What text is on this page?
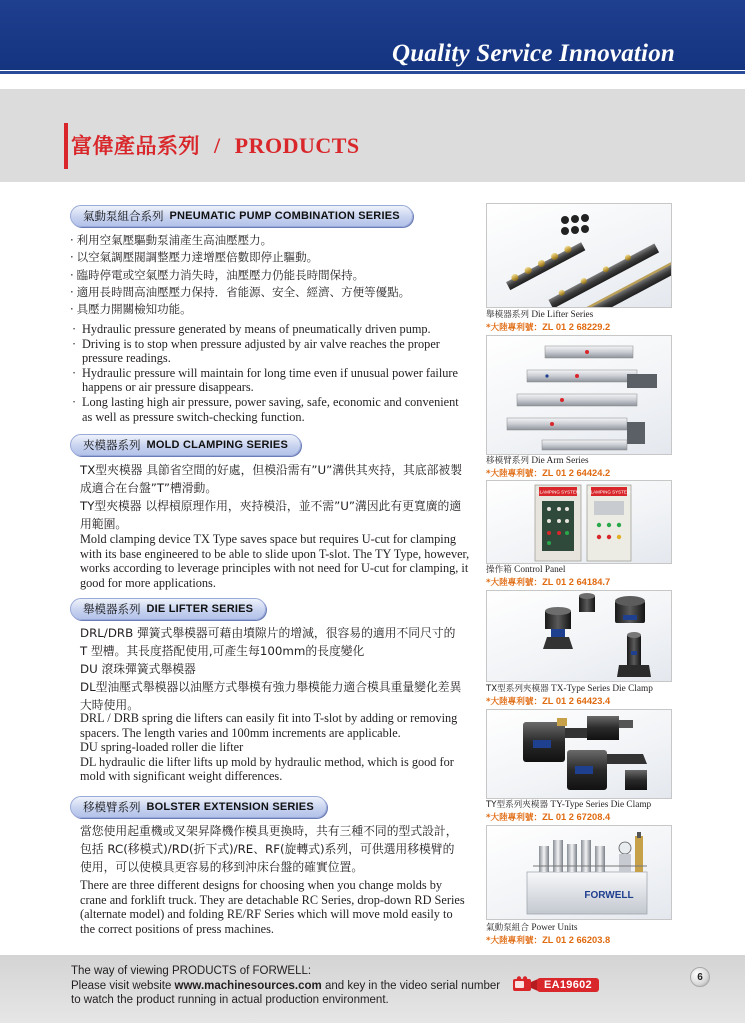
Quality Service Innovation
富偉產品系列 / PRODUCTS
氣動泵組合系列 PNEUMATIC PUMP COMBINATION SERIES
· 利用空氣壓驅動泵浦產生高油壓壓力。
· 以空氣調壓閥調整壓力達增壓倍數即停止驅動。
· 臨時停電或空氣壓力消失時，油壓壓力仍能長時間保持。
· 適用長時間高油壓壓力保持．省能源、安全、經濟、方便等優點。
· 具壓力開關檢知功能。
· Hydraulic pressure generated by means of pneumatically driven pump.
· Driving is to stop when pressure adjusted by air valve reaches the proper pressure readings.
· Hydraulic pressure will maintain for long time even if unusual power failure happens or air pressure disappears.
· Long lasting high air pressure, power saving, safe, economic and convenient as well as pressure switch-checking function.
夾模器系列 MOLD CLAMPING SERIES
TX型夾模器 具節省空間的好處，但模沿需有”U”溝供其夾持，其底部被製成適合在台盤”T”槽滑動。
TY型夾模器 以桿槓原理作用，夾持模沿，並不需”U”溝因此有更寬廣的適用範圍。
Mold clamping device TX Type saves space but requires U-cut for clamping with its base engineered to be able to slide upon T-slot. The TY Type, however, works according to leverage principles with not need for U-cut for clamping, it good for more applications.
舉模器系列 DIE LIFTER SERIES
DRL/DRB 彈簧式舉模器可藉由墳隙片的增減，很容易的適用不同尺寸的 T 型槽。其長度搭配使用,可產生每100mm的長度變化
DU 滾珠彈簧式舉模器
DL型油壓式舉模器以油壓方式舉模有強力舉模能力適合模具重量變化差異大時使用。
DRL / DRB spring die lifters can easily fit into T-slot by adding or removing spacers. The length varies and 100mm increments are applicable.
DU spring-loaded roller die lifter
DL hydraulic die lifter lifts up mold by hydraulic method, which is good for mold with significant weight differences.
移模臂系列 BOLSTER EXTENSION SERIES
當您使用起重機或叉架昇降機作模具更換時，共有三種不同的型式設計，包括 RC(移模式)/RD(折下式)/RE、RF(旋轉式)系列，可供選用移模臂的使用，可以使模具更容易的移到沖床台盤的確實位置。
There are three different designs for choosing when you change molds by crane and forklift truck. They are detachable RC Series, drop-down RD Series (alternate model) and folding RE/RF Series which will move mold easily to the correct positions of press machines.
舉模器系列 Die Lifter Series
*大陸專利號：ZL 01 2 68229.2
移模臂系列 Die Arm Series
*大陸專利號：ZL 01 2 64424.2
CLAMPING SYSTEM CLAMPING SYSTEM
操作箱 Control Panel
*大陸專利號：ZL 01 2 64184.7
TX型系列夾模器 TX-Type Series Die Clamp
*大陸專利號：ZL 01 2 64423.4
TY型系列夾模器 TY-Type Series Die Clamp
*大陸專利號：ZL 01 2 67208.4
FORWELL
氣動泵組合 Power Units
*大陸專利號：ZL 01 2 66203.8
The way of viewing PRODUCTS of FORWELL:
Please visit website www.machinesources.com and key in the video serial number
to watch the product running in actual production environment.
EA19602
6
